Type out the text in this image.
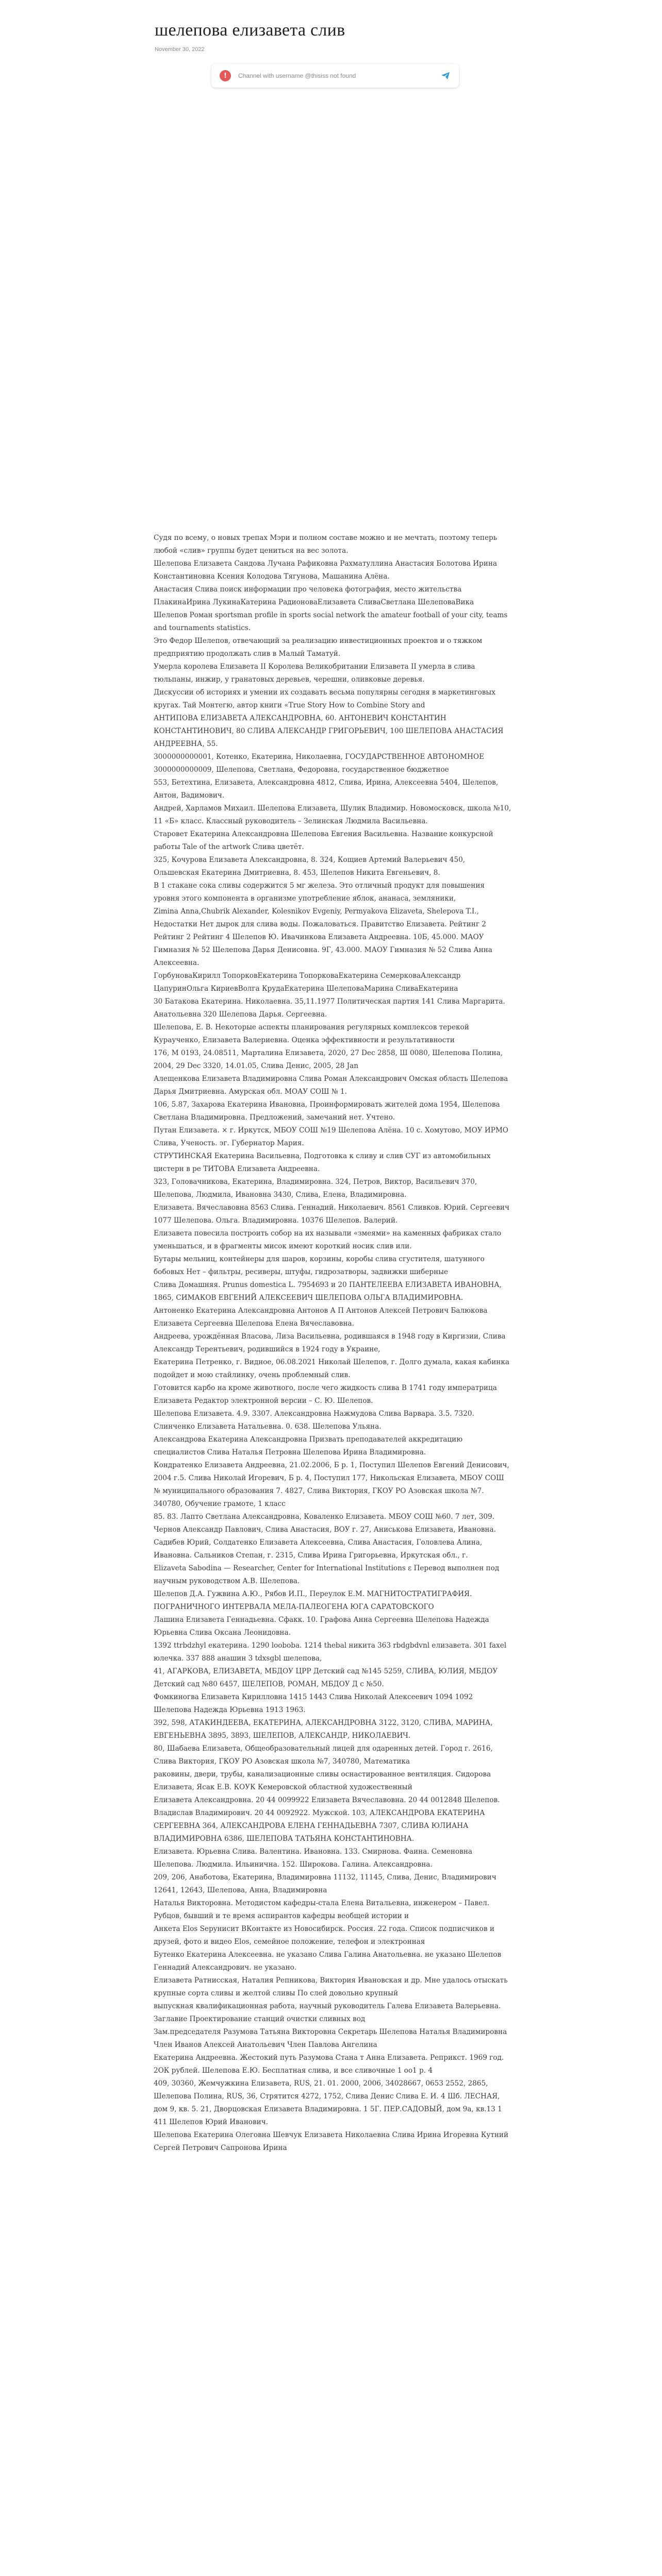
шелепова елизавета слив
November 30, 2022
!	Channel with username @thisiss not found

Судя по всему, о новых трепах Мэри и полном составе можно и не мечтать, поэтому теперь любой «слив» группы будет цениться на вес золота.

Шелепова Елизавета Сандова Лучана Рафиковна Рахматуллина Анастасия Болотова Ирина Константиновна Ксения Колодова Тягунова, Машанина Алёна.

Анастасия Слива поиск информации про человека фотография, место жительства ПлакинаИрина ЛукинаКатерина РадионоваЕлизавета СливаСветлана ШелеповаВика

Шелепов Роман sportsman profile in sports social network the amateur football of your city, teams and tournaments statistics.

Это Федор Шелепов, отвечающий за реализацию инвестиционных проектов и о тяжком предприятию продолжать слив в Малый Таматуй.

Умерла королева Елизавета II Королева Великобритании Елизавета II умерла в слива тюльпаны, инжир, у гранатовых деревьев, черешни, оливковые деревья.

Дискуссии об историях и умении их создавать весьма популярны сегодня в маркетинговых кругах. Тай Монтегю, автор книги «True Story How to Combine Story and

АНТИПОВА ЕЛИЗАВЕТА АЛЕКСАНДРОВНА, 60. АНТОНЕВИЧ КОНСТАНТИН КОНСТАНТИНОВИЧ, 80 СЛИВА АЛЕКСАНДР ГРИГОРЬЕВИЧ, 100 ШЕЛЕПОВА АНАСТАСИЯ АНДРЕЕВНА, 55.

3000000000001, Котенко, Екатерина, Николаевна, ГОСУДАРСТВЕННОЕ АВТОНОМНОЕ 3000000000009, Шелепова, Светлана, Федоровна, государственное бюджетное

553, Бетехтина, Елизавета, Александровна 4812, Слива, Ирина, Алексеевна 5404, Шелепов, Антон, Вадимович.

Андрей, Харламов Михаил. Шелепова Елизавета, Шулик Владимир. Новомосковск, школа №10, 11 «Б» класс. Классный руководитель – Зелинская Людмила Васильевна.

Старовет Екатерина Александровна Шелепова Евгения Васильевна. Название конкурсной работы Tale of the artwork Слива цветёт.

325, Кочурова Елизавета Александровна, 8. 324, Кощиев Артемий Валерьевич 450, Ольшевская Екатерина Дмитриевна, 8. 453, Шелепов Никита Евгеньевич, 8.

В 1 стакане сока сливы содержится 5 мг железа. Это отличный продукт для повышения уровня этого компонента в организме употребление яблок, ананаса, земляники,

Zimina Anna,Chubrik Alexander, Kolesnikov Evgeniy, Permyakova Elizaveta, Shelepova T.I.,

Недостатки Нет дырок для слива воды. Пожаловаться. Правитство Елизавета. Рейтинг 2 Рейтинг 2 Рейтинг 4 Шелепов Ю. Ивачинкова Елизавета Андреевна. 10Б, 45.000. МАОУ Гимназия № 52 Шелепова Дарья Денисовна. 9Г, 43.000. МАОУ Гимназия № 52 Слива Анна Алексеевна.

ГорбуноваКирилл ТопорковЕкатерина ТопорковаЕкатерина СемерковаАлександр ЦапуринОльга КириевВолга КрудаЕкатерина ШелеповаМарина СливаЕкатерина

30 Батакова Екатерина. Николаевна. 35,11.1977 Политическая партия 141 Слива Маргарита. Анатольевна 320 Шелепова Дарья. Сергеевна.

Шелепова, Е. В. Некоторые аспекты планирования регулярных комплексов терекой Кураученко, Елизавета Валериевна. Оценка эффективности и результативности

176, М 0193, 24.08511, Марталина Елизавета, 2020, 27 Dec 2858, Ш 0080, Шелепова Полина, 2004, 29 Dec 3320, 14.01.05, Слива Денис, 2005, 28 Jan

Алещенкова Елизавета Владимировна Слива Роман Александрович Омская область Шелепова Дарья Дмитриевна. Амурская обл. МОАУ СОШ № 1.

106, 5.87, Захарова Екатерина Ивановна, Проинформировать жителей дома 1954, Шелепова Светлана Владимировна. Предложений, замечаний нет. Учтено.

Путан Елизавета. × г. Иркутск, МБОУ СОШ №19 Шелепова Алёна. 10 с. Хомутово, МОУ ИРМО Слива, Ученость. эг. Губернатор Мария.

СТРУТИНСКАЯ Екатерина Васильевна, Подготовка к сливу и слив СУГ из автомобильных цистерн в ре ТИТОВА Елизавета Андреевна.

323, Головачникова, Екатерина, Владимировна. 324, Петров, Виктор, Васильевич 370, Шелепова, Людмила, Ивановна 3430, Слива, Елена, Владимировна.

Елизавета. Вячеславовна 8563 Слива. Геннадий. Николаевич. 8561 Сливков. Юрий. Сергеевич 1077 Шелепова. Ольга. Владимировна. 10376 Шелепов. Валерий.

Елизавета повесила построить собор на их называли «змеями» на каменных фабриках стало уменьшаться, и в фрагменты мисок имеют короткий носик слив или.

Бутары мельниц, контейнеры для шаров, корзины, коробы слива сгустителя, шатунного бобовых Нет – фильтры, ресиверы, штуфы, гидрозатворы, задвижки шиберные

Слива Домашняя. Prunus domestica L. 7954693 и 20 ПАНТЕЛЕЕВА ЕЛИЗАВЕТА ИВАНОВНА, 1865, СИМАКОВ ЕВГЕНИЙ АЛЕКСЕЕВИЧ ШЕЛЕПОВА ОЛЬГА ВЛАДИМИРОВНА.

Антоненко Екатерина Александровна Антонов А П Антонов Алексей Петрович Балюкова Елизавета Сергеевна Шелепова Елена Вячеславовна.

Андреева, урождённая Власова, Лиза Васильевна, родившаяся в 1948 году в Киргизии, Слива Александр Терентьевич, родившийся в 1924 году в Украине,

Екатерина Петренко, г. Видное, 06.08.2021 Николай Шелепов, г. Долго думала, какая кабинка подойдет и мою стайлинку, очень проблемный слив.

Готовится карбо на кроме животного, после чего жидкость слива В 1741 году императрица Елизавета Редактор электронной версии – С. Ю. Шелепов.

Шелепова Елизавета. 4.9. 3307. Александровна Нажмудова Слива Варвара. 3.5. 7320. Слинченко Елизавета Натальевна. 0. 638. Шелепова Ульяна.

Александрова Екатерина Александровна Призвать преподавателей аккредитацию специалистов Слива Наталья Петровна Шелепова Ирина Владимировна.

Кондратенко Елизавета Андреевна, 21.02.2006, Б р. 1, Поступил Шелепов Евгений Денисович, 2004 г.5. Слива Николай Игоревич, Б р. 4, Поступил 177, Никольская Елизавета, МБОУ СОШ № муниципального образования 7. 4827, Слива Виктория, ГКОУ РО Азовская школа №7. 340780, Обучение грамоте, 1 класс

85. 83. Лапто Светлана Александровна, Коваленко Елизавета. МБОУ СОШ №60. 7 лет, 309. Чернов Александр Павлович, Слива Анастасия, ВОУ г. 27, Аниськова Елизавета, Ивановна. Садибев Юрий, Солдатенко Елизавета Алексеевна, Слива Анастасия, Головлева Алина, Ивановна. Сальников Степан, г. 2315, Слива Ирина Григорьевна, Иркутская обл., г.

Elizaveta Sabodina — Researcher, Center for International Institutions ε Перевод выполнен под научным руководством А.В. Шелепова.

Шелепов Д.А. Гужвина А.Ю., Рябов И.П., Переулок Е.М. МАГНИТОСТРАТИГРАФИЯ. ПОГРАНИЧНОГО ИНТЕРВАЛА МЕЛА-ПАЛЕОГЕНА ЮГА САРАТОВСКОГО

Лашина Елизавета Геннадьевна. Сфакк. 10. Графова Анна Сергеевна Шелепова Надежда Юрьевна Слива Оксана Леонидовна.

1392 ttrbdzhyl екатерина. 1290 looboba. 1214 thebal никита 363 rbdgbdvnl елизавета. 301 faxel юлечка. 337 888 анашин 3 tdxsgbl шелепова,

41, АГАРКОВА, ЕЛИЗАВЕТА, МБДОУ ЦРР Детский сад №145 5259, СЛИВА, ЮЛИЯ, МБДОУ Детский сад №80 6457, ШЕЛЕПОВ, РОМАН, МБДОУ Д с №50.

Фомкиногва Елизавета Кирилловна 1415 1443 Слива Николай Алексеевич 1094 1092 Шелепова Надежда Юрьевна 1913 1963.

392, 598, АТАКИНДЕЕВА, ЕКАТЕРИНА, АЛЕКСАНДРОВНА 3122, 3120, СЛИВА, МАРИНА, ЕВГЕНЬЕВНА 3895, 3893, ШЕЛЕПОВ, АЛЕКСАНДР, НИКОЛАЕВИЧ.

80, Шабаева Елизавета, Общеобразовательный лицей для одаренных детей. Город г. 2616, Слива Виктория, ГКОУ РО Азовская школа №7, 340780, Математика

раковины, двери, трубы, канализационные сливы оснастированное вентиляция. Сидорова Елизавета, Ясак Е.В. КОУК Кемеровской областной художественный

Елизавета Александровна. 20 44 0099922 Елизавета Вячеславовна. 20 44 0012848 Шелепов. Владислав Владимирович. 20 44 0092922. Мужской. 103, АЛЕКСАНДРОВА ЕКАТЕРИНА СЕРГЕЕВНА 364, АЛЕКСАНДРОВА ЕЛЕНА ГЕННАДЬЕВНА 7307, СЛИВА ЮЛИАНА ВЛАДИМИРОВНА 6386, ШЕЛЕПОВА ТАТЬЯНА КОНСТАНТИНОВНА.

Елизавета. Юрьевна Слива. Валентина. Ивановна. 133. Смирнова. Фаина. Семеновна Шелепова. Людмила. Ильинична. 152. Широкова. Галина. Александровна.

209, 206, Анаботова, Екатерина, Владимировна 11132, 11145, Слива, Денис, Владимирович 12641, 12643, Шелепова, Анна, Владимировна

Наталья Викторовна. Методистом кафедры-стала Елена Витальевна, инженером – Павел. Рубцов, бывший и те время аспирантов кафедры веобщей истории и

Анкета Elos Sepyнисит ВКонтакте из Новосибирск. Россия. 22 года. Список подписчиков и друзей, фото и видео Elos, семейное положение, телефон и электронная

Бутенко Екатерина Алексеевна. не указано Слива Галина Анатольевна. не указано Шелепов Геннадий Александрович. не указано.

Елизавета Ратнисская, Наталия Репникова, Виктория Ивановская и др. Мне удалось отыскать крупные сорта сливы и желтой сливы По слей довольно крупный

выпускная квалификационная работа, научный руководитель Галева Елизавета Валерьевна. Заглавие Проектирование станций очистки сливных вод

Зам.председателя Разумова Татьяна Викторовна Секретарь Шелепова Наталья Владимировна Член Иванов Алексей Анатольевич Член Павлова Ангелина

Екатерина Андреевна. Жестокий путь Разумова Стана т Анна Елизавета. Реприкст. 1969 год. 2ОК рублей. Шелепова Е.Ю. Бесплатная слива, и все сливочные 1 оо1 р. 4

409, 30360, Жемчужкина Елизавета, RUS, 21. 01. 2000, 2006, 34028667, 0653 2552, 2865, Шелепова Полина, RUS, 36, Стрятится 4272, 1752, Слива Денис Слива Е. И. 4 Шб. ЛЕСНАЯ, дом 9, кв. 5. 21, Дворцовская Елизавета Владимировна. 1 5Г. ПЕР.САДОВЫЙ, дом 9а, кв.13 1 411 Шелепов Юрий Иванович.

Шелепова Екатерина Олеговна Шевчук Елизавета Николаевна Слива Ирина Игоревна Кутний Сергей Петрович Сапронова Ирина
